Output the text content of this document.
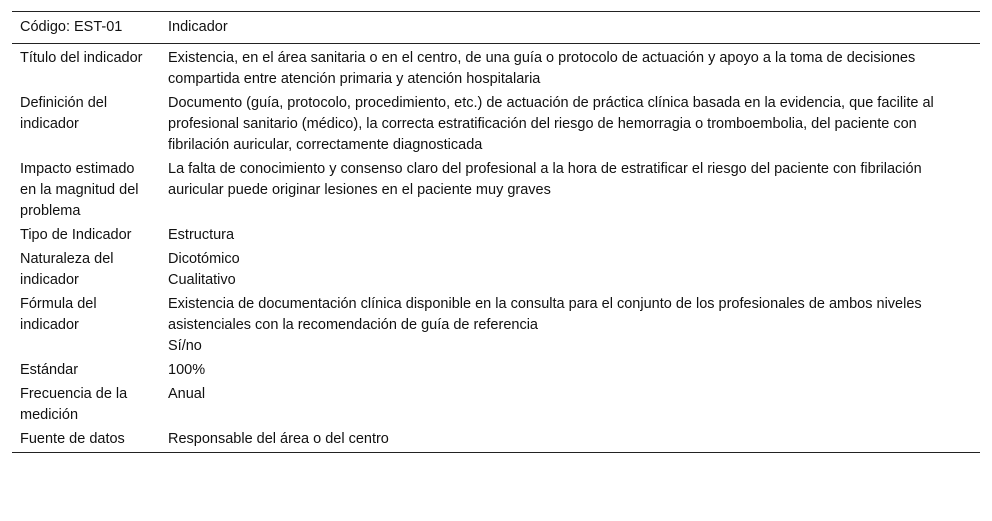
Código: EST-01	Indicador
Título del indicador	Existencia, en el área sanitaria o en el centro, de una guía o protocolo de actuación y apoyo a la toma de decisiones compartida entre atención primaria y atención hospitalaria
Definición del indicador	Documento (guía, protocolo, procedimiento, etc.) de actuación de práctica clínica basada en la evidencia, que facilite al profesional sanitario (médico), la correcta estratificación del riesgo de hemorragia o tromboembolia, del paciente con fibrilación auricular, correctamente diagnosticada
Impacto estimado en la magnitud del problema	La falta de conocimiento y consenso claro del profesional a la hora de estratificar el riesgo del paciente con fibrilación auricular puede originar lesiones en el paciente muy graves
Tipo de Indicador	Estructura
Naturaleza del indicador	Dicotómico
Cualitativo
Fórmula del indicador	Existencia de documentación clínica disponible en la consulta para el conjunto de los profesionales de ambos niveles asistenciales con la recomendación de guía de referencia
Sí/no
Estándar	100%
Frecuencia de la medición	Anual
Fuente de datos	Responsable del área o del centro
